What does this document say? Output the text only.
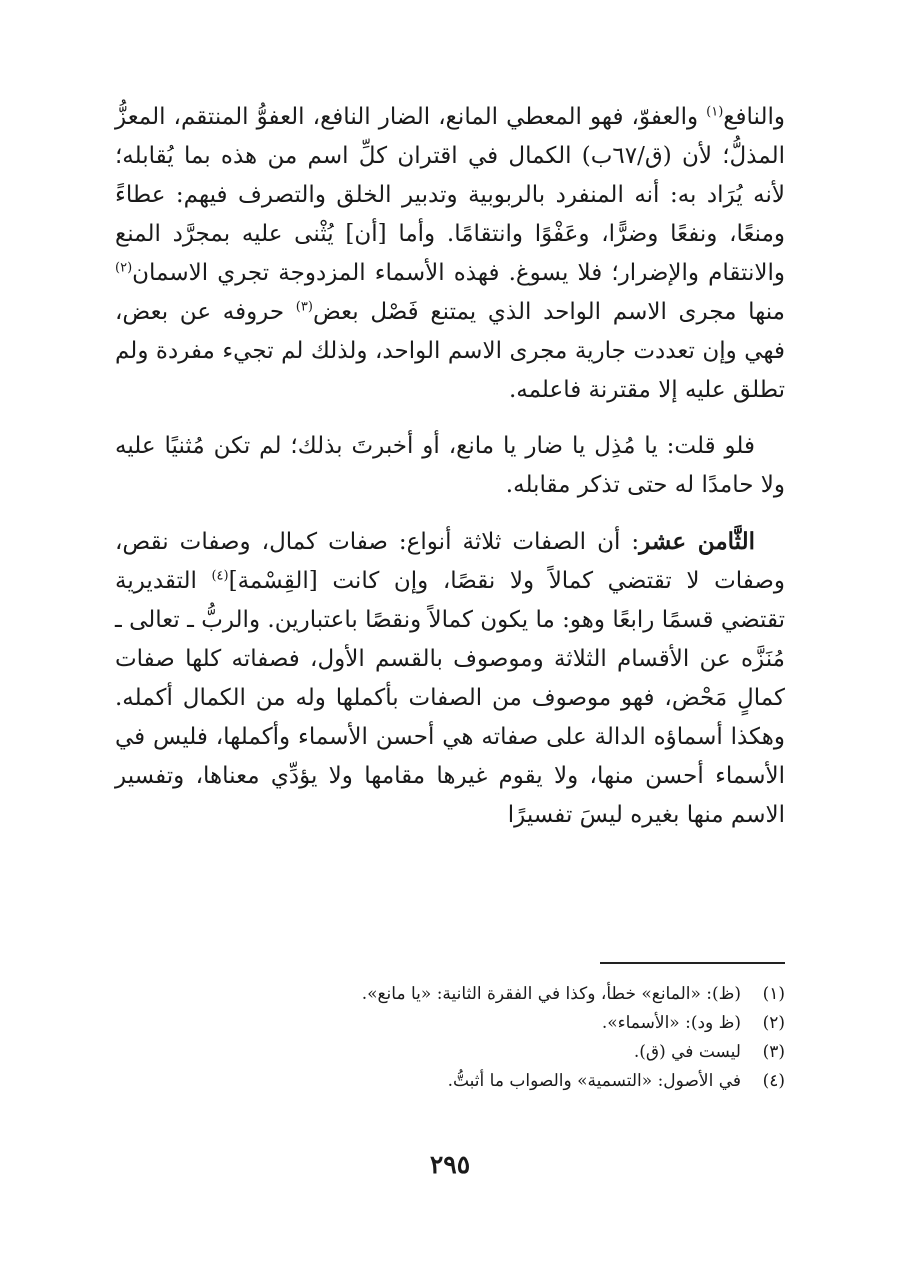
والنافع$^{(١)}$ والعفوّ، فهو المعطي المانع، الضار النافع، العفوُّ المنتقم، المعزُّ المذلُّ؛ لأن (ق/٦٧ب) الكمال في اقتران كلِّ اسم من هذه بما يُقابله؛ لأنه يُرَاد به: أنه المنفرد بالربوبية وتدبير الخلق والتصرف فيهم: عطاءً ومنعًا، ونفعًا وضرًّا، وعَفْوًا وانتقامًا. وأما [أن] يُثْنى عليه بمجرَّد المنع والانتقام والإضرار؛ فلا يسوغ. فهذه الأسماء المزدوجة تجري الاسمان$^{(٢)}$ منها مجرى الاسم الواحد الذي يمتنع فَصْل بعض$^{(٣)}$ حروفه عن بعض، فهي وإن تعددت جارية مجرى الاسم الواحد، ولذلك لم تجيء مفردة ولم تطلق عليه إلا مقترنة فاعلمه.

فلو قلت: يا مُذِل يا ضار يا مانع، أو أخبرتَ بذلك؛ لم تكن مُثنيًا عليه ولا حامدًا له حتى تذكر مقابله.

الثَّامن عشر: أن الصفات ثلاثة أنواع: صفات كمال، وصفات نقص، وصفات لا تقتضي كمالاً ولا نقصًا، وإن كانت [القِسْمة]$^{(٤)}$ التقديرية تقتضي قسمًا رابعًا وهو: ما يكون كمالاً ونقصًا باعتبارين. والربُّ ـ تعالى ـ مُنَزَّه عن الأقسام الثلاثة وموصوف بالقسم الأول، فصفاته كلها صفات كمالٍ مَحْض، فهو موصوف من الصفات بأكملها وله من الكمال أكمله. وهكذا أسماؤه الدالة على صفاته هي أحسن الأسماء وأكملها، فليس في الأسماء أحسن منها، ولا يقوم غيرها مقامها ولا يؤدِّي معناها، وتفسير الاسم منها بغيره ليسَ تفسيرًا

(١)
(ظ): «المانع» خطأ، وكذا في الفقرة الثانية: «يا مانع».
(٢)
(ظ ود): «الأسماء».
(٣)
ليست في (ق).
(٤)
في الأصول: «التسمية» والصواب ما أثبتُّ.
٢٩٥
